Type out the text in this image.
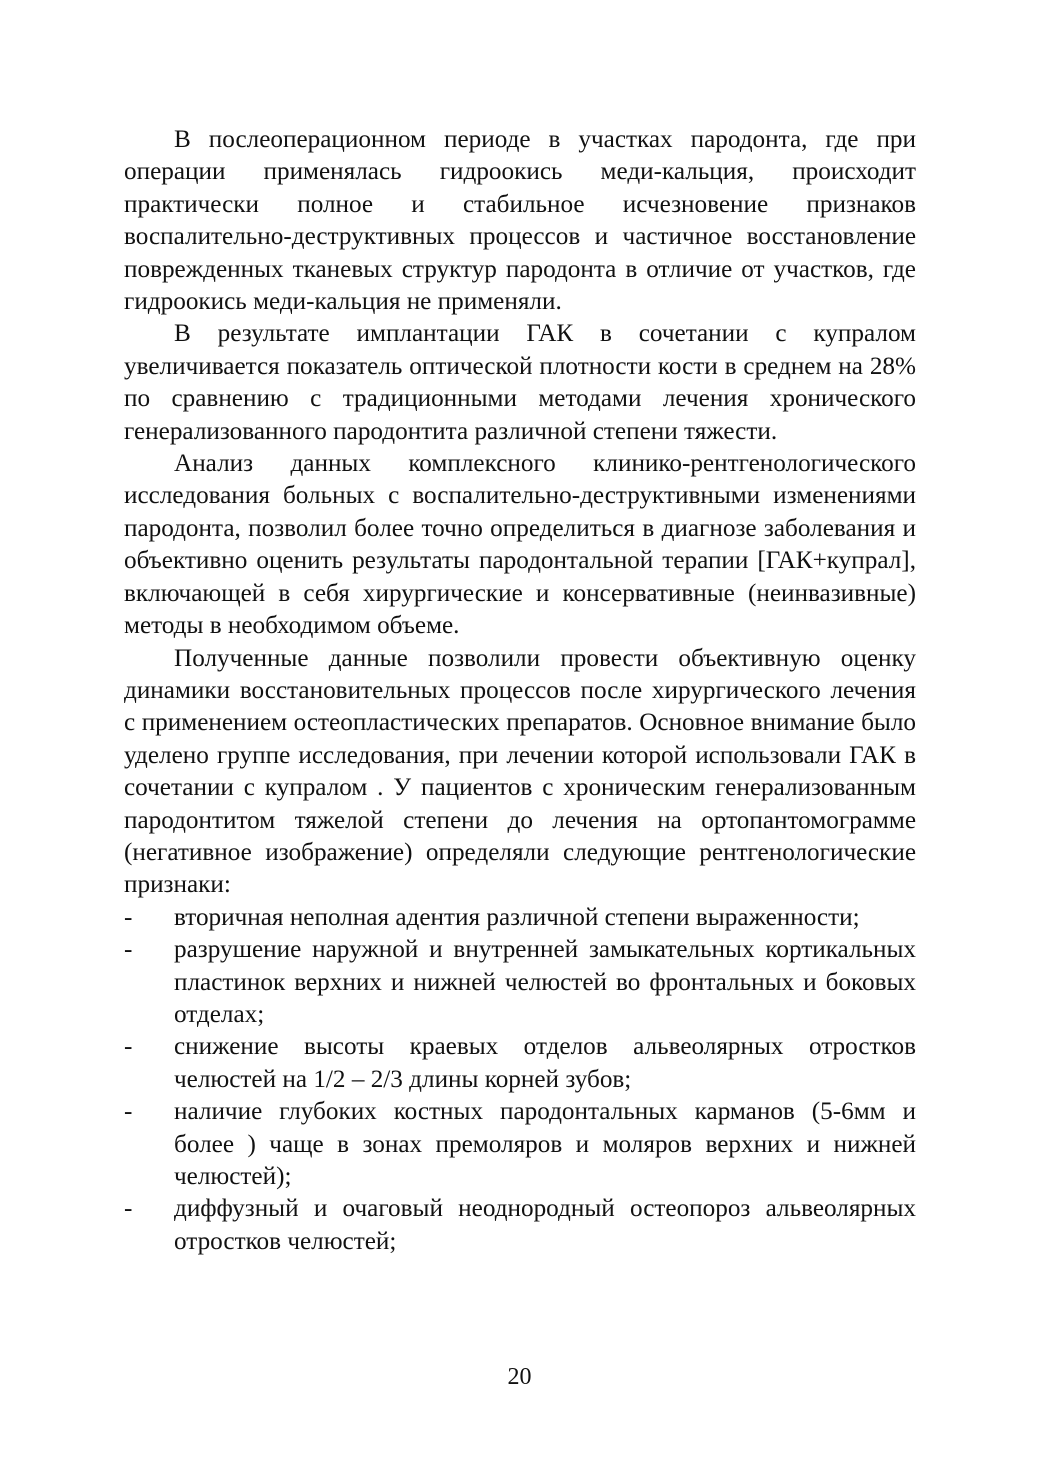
В послеоперационном периоде в участках пародонта, где при операции применялась гидроокись меди-кальция, происходит практически полное и стабильное исчезновение признаков воспалительно-деструктивных процессов и частичное восстановление поврежденных тканевых структур пародонта в отличие от участков, где гидроокись меди-кальция не применяли.

В результате имплантации ГАК в сочетании с купралом увеличивается показатель оптической плотности кости в среднем на 28% по сравнению с традиционными методами лечения хронического генерализованного пародонтита различной степени тяжести.

Анализ данных комплексного клинико-рентгенологического исследования больных с воспалительно-деструктивными изменениями пародонта, позволил более точно определиться в диагнозе заболевания и объективно оценить результаты пародонтальной терапии [ГАК+купрал], включающей в себя хирургические и консервативные (неинвазивные) методы в необходимом объеме.

Полученные данные позволили провести объективную оценку динамики восстановительных процессов после хирургического лечения с применением остеопластических препаратов. Основное внимание было уделено группе исследования, при лечении которой использовали ГАК в сочетании с купралом . У пациентов с хроническим генерализованным пародонтитом тяжелой степени до лечения на ортопантомограмме (негативное изображение) определяли следующие рентгенологические признаки:

- вторичная неполная адентия различной степени выраженности;
- разрушение наружной и внутренней замыкательных кортикальных пластинок верхних и нижней челюстей во фронтальных и боковых отделах;
- снижение высоты краевых отделов альвеолярных отростков челюстей на 1/2 – 2/3 длины корней зубов;
- наличие глубоких костных пародонтальных карманов (5-6мм и более ) чаще в зонах премоляров и моляров верхних и нижней челюстей);
- диффузный и очаговый неоднородный остеопороз альвеолярных отростков челюстей;
20
